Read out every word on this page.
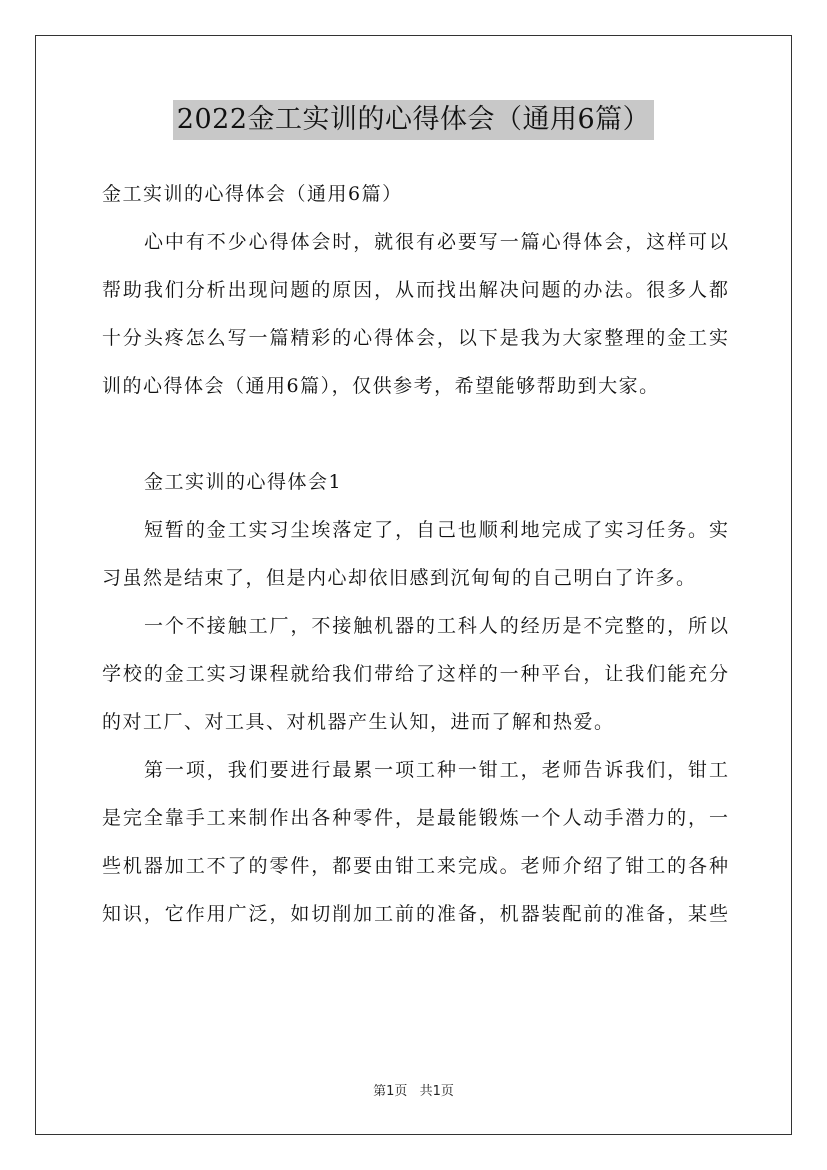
2022金工实训的心得体会（通用6篇）
金工实训的心得体会（通用6篇）
心中有不少心得体会时，就很有必要写一篇心得体会，这样可以
帮助我们分析出现问题的原因，从而找出解决问题的办法。很多人都
十分头疼怎么写一篇精彩的心得体会，以下是我为大家整理的金工实
训的心得体会（通用6篇），仅供参考，希望能够帮助到大家。
金工实训的心得体会1
短暂的金工实习尘埃落定了，自己也顺利地完成了实习任务。实
习虽然是结束了，但是内心却依旧感到沉甸甸的自己明白了许多。
一个不接触工厂，不接触机器的工科人的经历是不完整的，所以
学校的金工实习课程就给我们带给了这样的一种平台，让我们能充分
的对工厂、对工具、对机器产生认知，进而了解和热爱。
第一项，我们要进行最累一项工种一钳工，老师告诉我们，钳工
是完全靠手工来制作出各种零件，是最能锻炼一个人动手潜力的，一
些机器加工不了的零件，都要由钳工来完成。老师介绍了钳工的各种
知识，它作用广泛，如切削加工前的准备，机器装配前的准备，某些
第1页 共1页
